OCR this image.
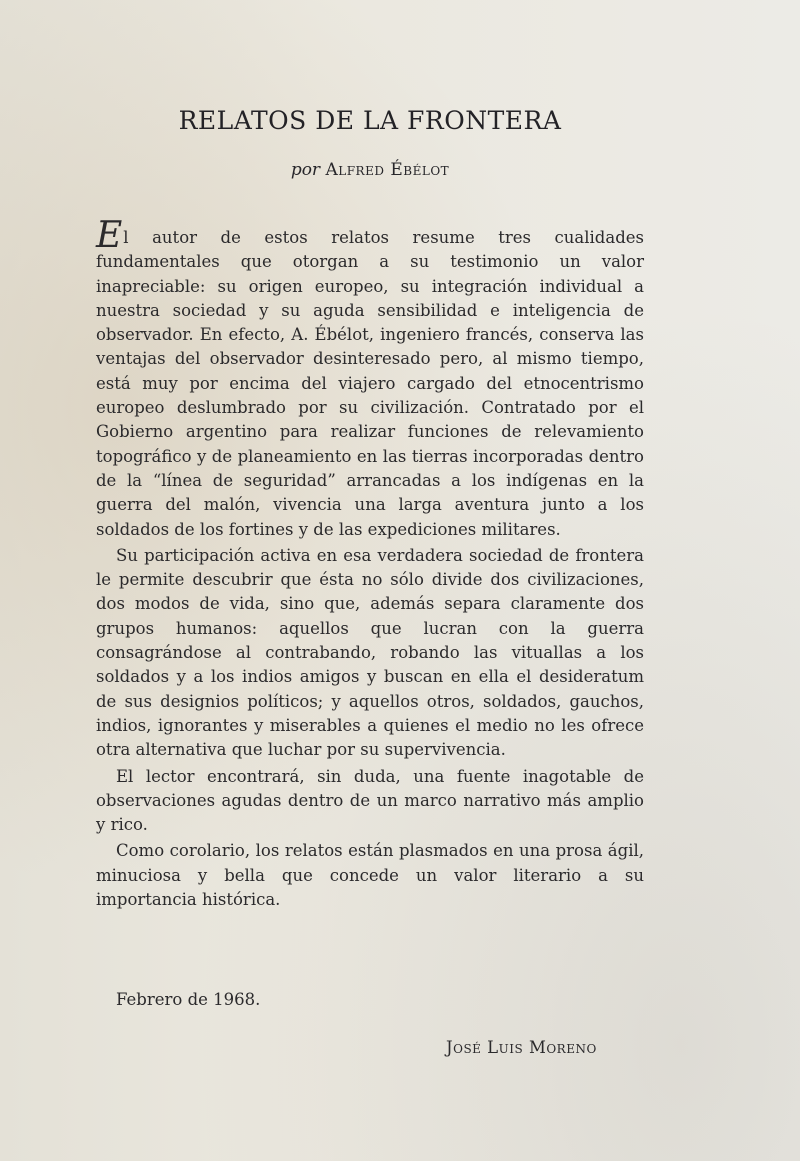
RELATOS DE LA FRONTERA
por Alfred Ébélot

El autor de estos relatos resume tres cualidades fundamentales que otorgan a su testimonio un valor inapreciable: su origen europeo, su integración individual a nuestra sociedad y su aguda sensibilidad e inteligencia de observador. En efecto, A. Ébélot, ingeniero francés, conserva las ventajas del observador desinteresado pero, al mismo tiempo, está muy por encima del viajero cargado del etnocentrismo europeo deslumbrado por su civilización. Contratado por el Gobierno argentino para realizar funciones de relevamiento topográfico y de planeamiento en las tierras incorporadas dentro de la “línea de seguridad” arrancadas a los indígenas en la guerra del malón, vivencia una larga aventura junto a los soldados de los fortines y de las expediciones militares.

Su participación activa en esa verdadera sociedad de frontera le permite descubrir que ésta no sólo divide dos civilizaciones, dos modos de vida, sino que, además separa claramente dos grupos humanos: aquellos que lucran con la guerra consagrándose al contrabando, robando las vituallas a los soldados y a los indios amigos y buscan en ella el desideratum de sus designios políticos; y aquellos otros, soldados, gauchos, indios, ignorantes y miserables a quienes el medio no les ofrece otra alternativa que luchar por su supervivencia.

El lector encontrará, sin duda, una fuente inagotable de observaciones agudas dentro de un marco narrativo más amplio y rico.

Como corolario, los relatos están plasmados en una prosa ágil, minuciosa y bella que concede un valor literario a su importancia histórica.

Febrero de 1968.
José Luis Moreno
